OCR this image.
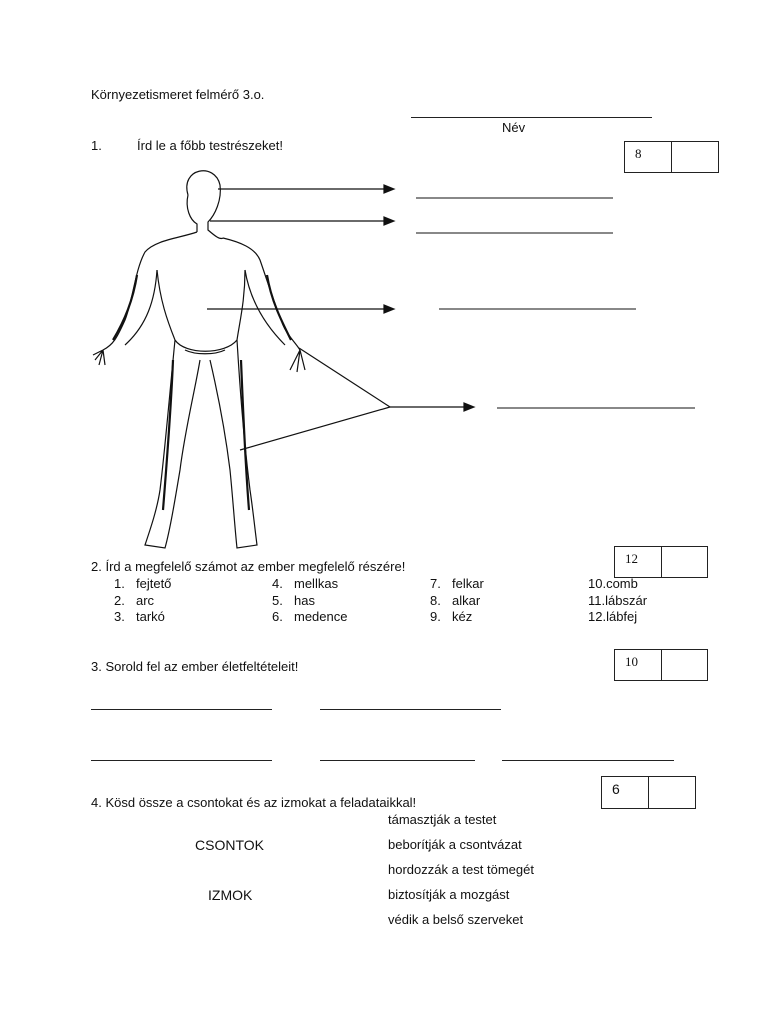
Környezetismeret felmérő 3.o.
Név
1.	Írd le a főbb testrészeket!
8
2. Írd a megfelelő számot az ember megfelelő részére!
12
1. fejtető	4. mellkas	7. felkar	10.comb
2. arc	5. has	8. alkar	11.lábszár
3. tarkó	6. medence	9. kéz	12.lábfej
3. Sorold fel az ember életfeltételeit!	10
4. Kösd össze a csontokat és az izmokat a feladataikkal!
6
CSONTOK
IZMOK
támasztják a testet
beborítják a csontvázat
hordozzák a test tömegét
biztosítják a mozgást
védik a belső szerveket
